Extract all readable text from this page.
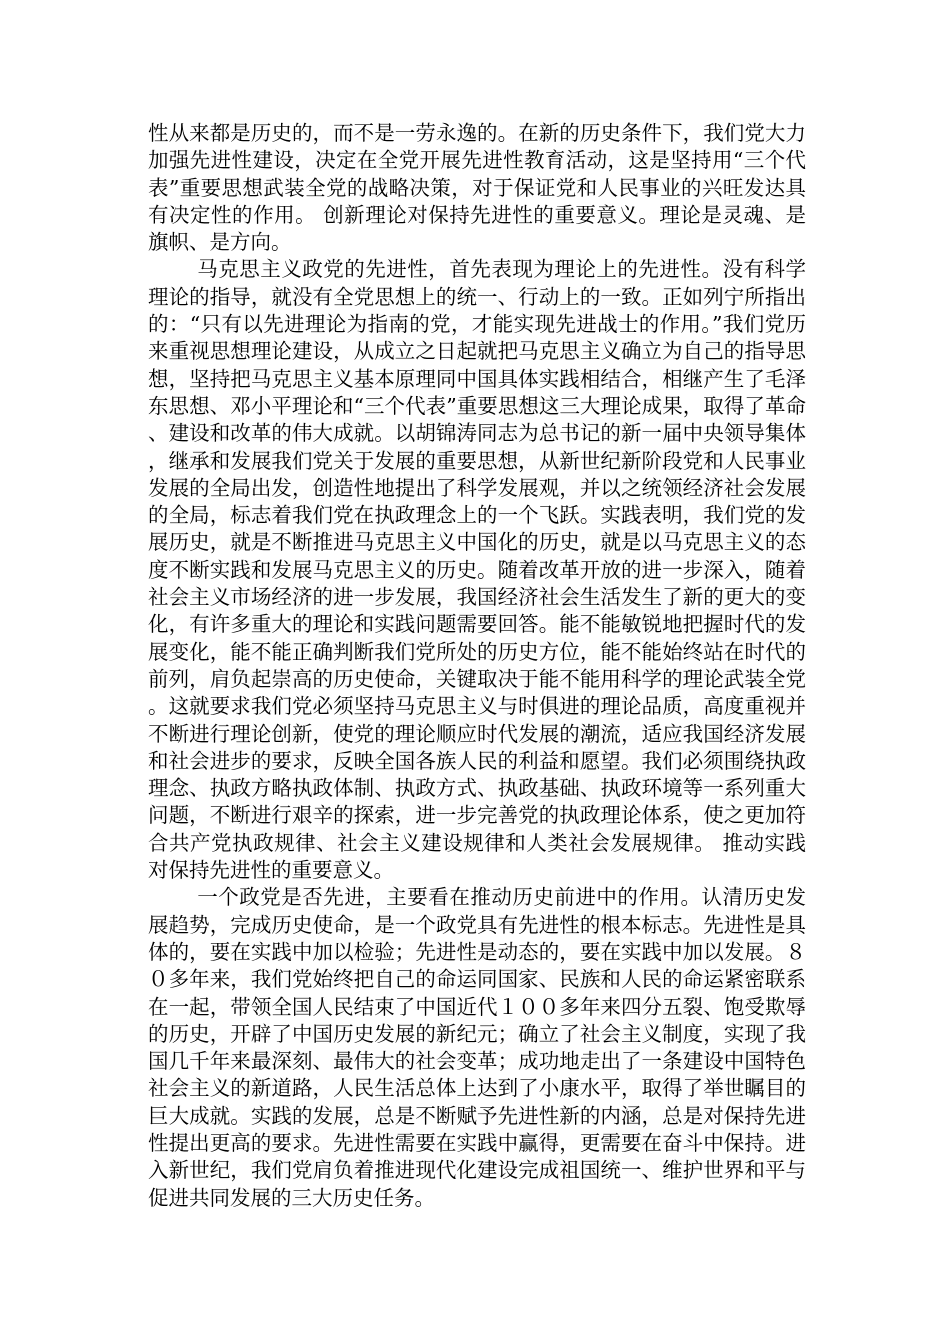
性从来都是历史的，而不是一劳永逸的。在新的历史条件下，我们党大力加强先进性建设，决定在全党开展先进性教育活动，这是坚持用“三个代表”重要思想武装全党的战略决策，对于保证党和人民事业的兴旺发达具有决定性的作用。 创新理论对保持先进性的重要意义。理论是灵魂、是旗帜、是方向。

马克思主义政党的先进性，首先表现为理论上的先进性。没有科学理论的指导，就没有全党思想上的统一、行动上的一致。正如列宁所指出的：“只有以先进理论为指南的党，才能实现先进战士的作用。”我们党历来重视思想理论建设，从成立之日起就把马克思主义确立为自己的指导思想，坚持把马克思主义基本原理同中国具体实践相结合，相继产生了毛泽东思想、邓小平理论和“三个代表”重要思想这三大理论成果，取得了革命、建设和改革的伟大成就。以胡锦涛同志为总书记的新一届中央领导集体，继承和发展我们党关于发展的重要思想，从新世纪新阶段党和人民事业发展的全局出发，创造性地提出了科学发展观，并以之统领经济社会发展的全局，标志着我们党在执政理念上的一个飞跃。实践表明，我们党的发展历史，就是不断推进马克思主义中国化的历史，就是以马克思主义的态度不断实践和发展马克思主义的历史。随着改革开放的进一步深入，随着社会主义市场经济的进一步发展，我国经济社会生活发生了新的更大的变化，有许多重大的理论和实践问题需要回答。能不能敏锐地把握时代的发展变化，能不能正确判断我们党所处的历史方位，能不能始终站在时代的前列，肩负起崇高的历史使命，关键取决于能不能用科学的理论武装全党。这就要求我们党必须坚持马克思主义与时俱进的理论品质，高度重视并不断进行理论创新，使党的理论顺应时代发展的潮流，适应我国经济发展和社会进步的要求，反映全国各族人民的利益和愿望。我们必须围绕执政理念、执政方略执政体制、执政方式、执政基础、执政环境等一系列重大问题，不断进行艰辛的探索，进一步完善党的执政理论体系，使之更加符合共产党执政规律、社会主义建设规律和人类社会发展规律。 推动实践对保持先进性的重要意义。

一个政党是否先进，主要看在推动历史前进中的作用。认清历史发展趋势，完成历史使命，是一个政党具有先进性的根本标志。先进性是具体的，要在实践中加以检验；先进性是动态的，要在实践中加以发展。８０多年来，我们党始终把自己的命运同国家、民族和人民的命运紧密联系在一起，带领全国人民结束了中国近代１００多年来四分五裂、饱受欺辱的历史，开辟了中国历史发展的新纪元；确立了社会主义制度，实现了我国几千年来最深刻、最伟大的社会变革；成功地走出了一条建设中国特色社会主义的新道路，人民生活总体上达到了小康水平，取得了举世瞩目的巨大成就。实践的发展，总是不断赋予先进性新的内涵，总是对保持先进性提出更高的要求。先进性需要在实践中赢得，更需要在奋斗中保持。进入新世纪，我们党肩负着推进现代化建设完成祖国统一、维护世界和平与促进共同发展的三大历史任务。
